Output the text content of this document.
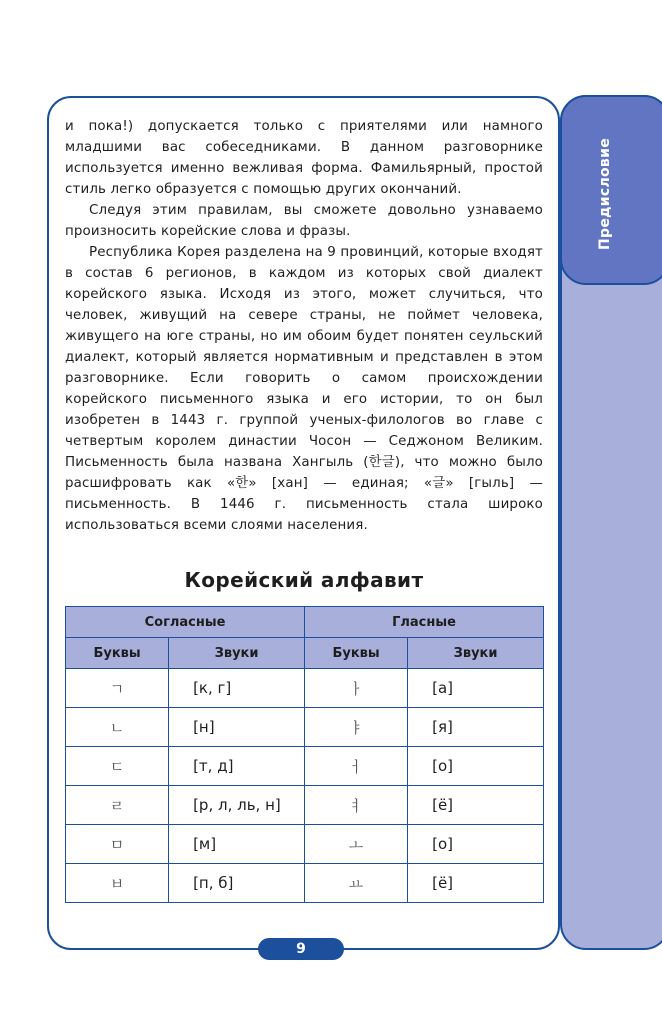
Предисловие

и пока!) допускается только с приятелями или намного младшими вас собеседниками. В данном разговорнике используется именно вежливая форма. Фамильярный, простой стиль легко образуется с помощью других окончаний.

Следуя этим правилам, вы сможете довольно узнаваемо произносить корейские слова и фразы.

Республика Корея разделена на 9 провинций, которые входят в состав 6 регионов, в каждом из которых свой диалект корейского языка. Исходя из этого, может случиться, что человек, живущий на севере страны, не поймет человека, живущего на юге страны, но им обоим будет понятен сеульский диалект, который является нормативным и представлен в этом разговорнике. Если говорить о самом происхождении корейского письменного языка и его истории, то он был изобретен в 1443 г. группой ученых-филологов во главе с четвертым королем династии Чосон — Седжоном Великим. Письменность была названа Хангыль (한글), что можно было расшифровать как «한» [хан] — единая; «글» [гыль] — письменность. В 1446 г. письменность стала широко использоваться всеми слоями населения.

Корейский алфавит
Согласные		Гласные	
Буквы	Звуки	Буквы	Звуки
ㄱ	[к, г]	ㅏ	[а]
ㄴ	[н]	ㅑ	[я]
ㄷ	[т, д]	ㅓ	[о]
ㄹ	[р, л, ль, н]	ㅕ	[ё]
ㅁ	[м]	ㅗ	[о]
ㅂ	[п, б]	ㅛ	[ё]
9
